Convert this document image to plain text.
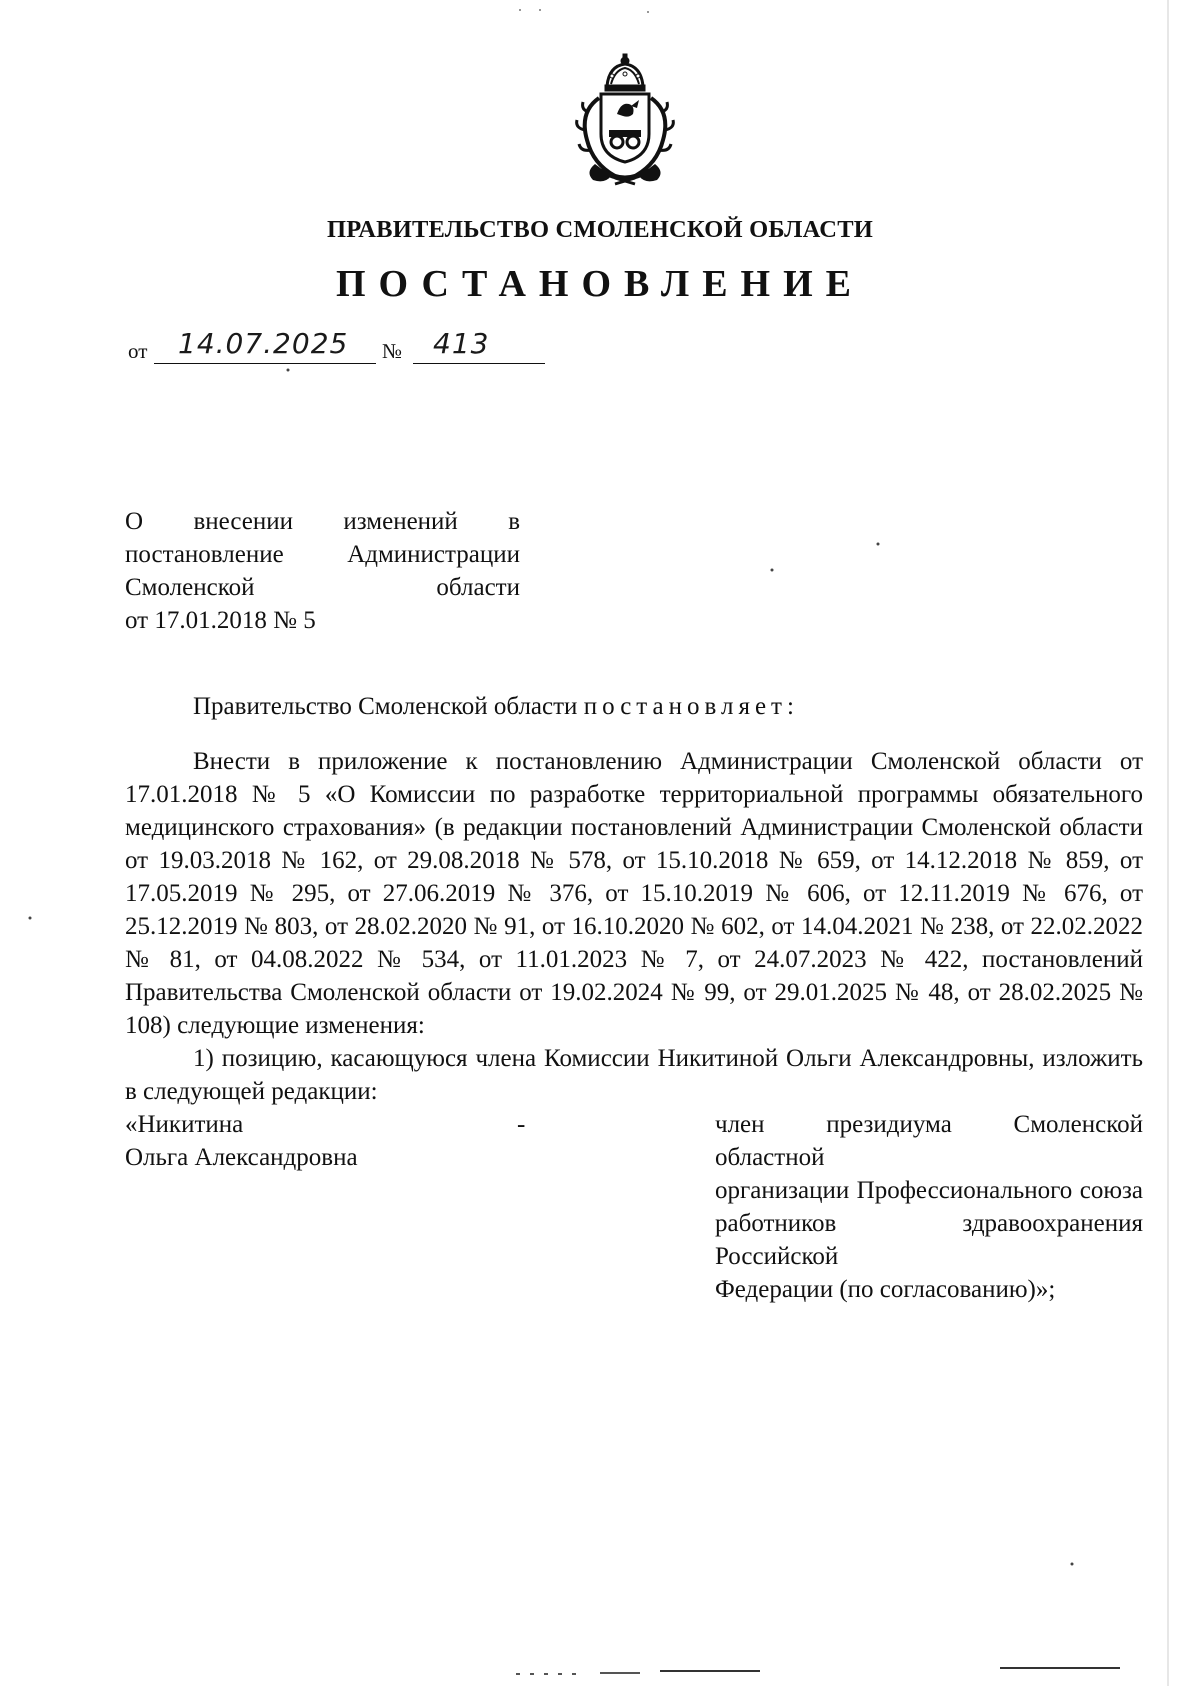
ПРАВИТЕЛЬСТВО СМОЛЕНСКОЙ ОБЛАСТИ
ПОСТАНОВЛЕНИЕ
от 14.07.2025 № 413
О внесении изменений в
постановление Администрации
Смоленской области
от 17.01.2018 № 5

Правительство Смоленской области постановляет:

Внести в приложение к постановлению Администрации Смоленской области от 17.01.2018 № 5 «О Комиссии по разработке территориальной программы обязательного медицинского страхования» (в редакции постановлений Администрации Смоленской области от 19.03.2018 № 162, от 29.08.2018 № 578, от 15.10.2018 № 659, от 14.12.2018 № 859, от 17.05.2019 № 295, от 27.06.2019 № 376, от 15.10.2019 № 606, от 12.11.2019 № 676, от 25.12.2019 № 803, от 28.02.2020 № 91, от 16.10.2020 № 602, от 14.04.2021 № 238, от 22.02.2022 № 81, от 04.08.2022 № 534, от 11.01.2023 № 7, от 24.07.2023 № 422, постановлений Правительства Смоленской области от 19.02.2024 № 99, от 29.01.2025 № 48, от 28.02.2025 № 108) следующие изменения:

1) позицию, касающуюся члена Комиссии Никитиной Ольги Александровны, изложить в следующей редакции:

«Никитина
Ольга Александровна
-	член президиума Смоленской областной
организации Профессионального союза
работников здравоохранения Российской
Федерации (по согласованию)»;
